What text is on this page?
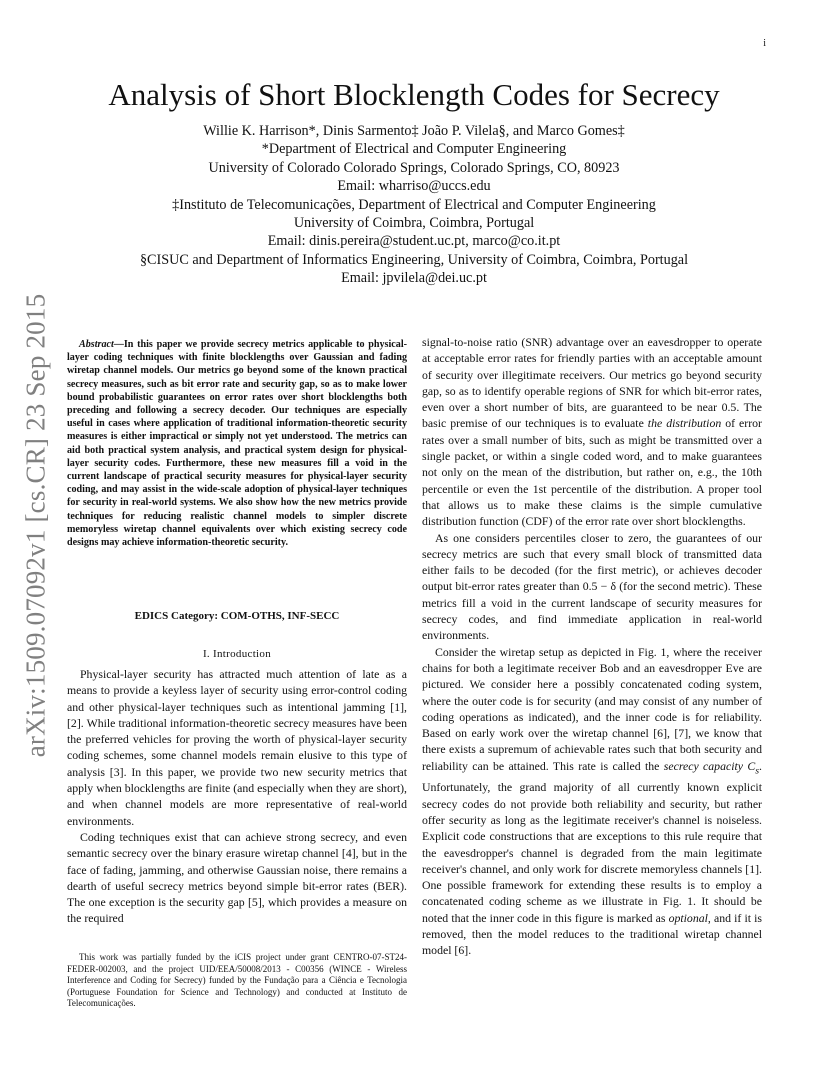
i
arXiv:1509.07092v1 [cs.CR] 23 Sep 2015
Analysis of Short Blocklength Codes for Secrecy
Willie K. Harrison*, Dinis Sarmento‡ João P. Vilela§, and Marco Gomes‡
*Department of Electrical and Computer Engineering
University of Colorado Colorado Springs, Colorado Springs, CO, 80923
Email: wharriso@uccs.edu
‡Instituto de Telecomunicações, Department of Electrical and Computer Engineering
University of Coimbra, Coimbra, Portugal
Email: dinis.pereira@student.uc.pt, marco@co.it.pt
§CISUC and Department of Informatics Engineering, University of Coimbra, Coimbra, Portugal
Email: jpvilela@dei.uc.pt
Abstract—In this paper we provide secrecy metrics applicable to physical-layer coding techniques with finite blocklengths over Gaussian and fading wiretap channel models. Our metrics go beyond some of the known practical secrecy measures, such as bit error rate and security gap, so as to make lower bound probabilistic guarantees on error rates over short blocklengths both preceding and following a secrecy decoder. Our techniques are especially useful in cases where application of traditional information-theoretic security measures is either impractical or simply not yet understood. The metrics can aid both practical system analysis, and practical system design for physical-layer security codes. Furthermore, these new measures fill a void in the current landscape of practical security measures for physical-layer security coding, and may assist in the wide-scale adoption of physical-layer techniques for security in real-world systems. We also show how the new metrics provide techniques for reducing realistic channel models to simpler discrete memoryless wiretap channel equivalents over which existing secrecy code designs may achieve information-theoretic security.
EDICS Category: COM-OTHS, INF-SECC
I. Introduction

Physical-layer security has attracted much attention of late as a means to provide a keyless layer of security using error-control coding and other physical-layer techniques such as intentional jamming [1], [2]. While traditional information-theoretic secrecy measures have been the preferred vehicles for proving the worth of physical-layer security coding schemes, some channel models remain elusive to this type of analysis [3]. In this paper, we provide two new security metrics that apply when blocklengths are finite (and especially when they are short), and when channel models are more representative of real-world environments.

Coding techniques exist that can achieve strong secrecy, and even semantic secrecy over the binary erasure wiretap channel [4], but in the face of fading, jamming, and otherwise Gaussian noise, there remains a dearth of useful secrecy metrics beyond simple bit-error rates (BER). The one exception is the security gap [5], which provides a measure on the required

This work was partially funded by the iCIS project under grant CENTRO-07-ST24-FEDER-002003, and the project UID/EEA/50008/2013 - C00356 (WINCE - Wireless Interference and Coding for Secrecy) funded by the Fundação para a Ciência e Tecnologia (Portuguese Foundation for Science and Technology) and conducted at Instituto de Telecomunicações.

signal-to-noise ratio (SNR) advantage over an eavesdropper to operate at acceptable error rates for friendly parties with an acceptable amount of security over illegitimate receivers. Our metrics go beyond security gap, so as to identify operable regions of SNR for which bit-error rates, even over a short number of bits, are guaranteed to be near 0.5. The basic premise of our techniques is to evaluate the distribution of error rates over a small number of bits, such as might be transmitted over a single packet, or within a single coded word, and to make guarantees not only on the mean of the distribution, but rather on, e.g., the 10th percentile or even the 1st percentile of the distribution. A proper tool that allows us to make these claims is the simple cumulative distribution function (CDF) of the error rate over short blocklengths.

As one considers percentiles closer to zero, the guarantees of our secrecy metrics are such that every small block of transmitted data either fails to be decoded (for the first metric), or achieves decoder output bit-error rates greater than 0.5 − δ (for the second metric). These metrics fill a void in the current landscape of security measures for secrecy codes, and find immediate application in real-world environments.

Consider the wiretap setup as depicted in Fig. 1, where the receiver chains for both a legitimate receiver Bob and an eavesdropper Eve are pictured. We consider here a possibly concatenated coding system, where the outer code is for security (and may consist of any number of coding operations as indicated), and the inner code is for reliability. Based on early work over the wiretap channel [6], [7], we know that there exists a supremum of achievable rates such that both security and reliability can be attained. This rate is called the secrecy capacity $C_s$. Unfortunately, the grand majority of all currently known explicit secrecy codes do not provide both reliability and security, but rather offer security as long as the legitimate receiver's channel is noiseless. Explicit code constructions that are exceptions to this rule require that the eavesdropper's channel is degraded from the main legitimate receiver's channel, and only work for discrete memoryless channels [1]. One possible framework for extending these results is to employ a concatenated coding scheme as we illustrate in Fig. 1. It should be noted that the inner code in this figure is marked as optional, and if it is removed, then the model reduces to the traditional wiretap channel model [6].
